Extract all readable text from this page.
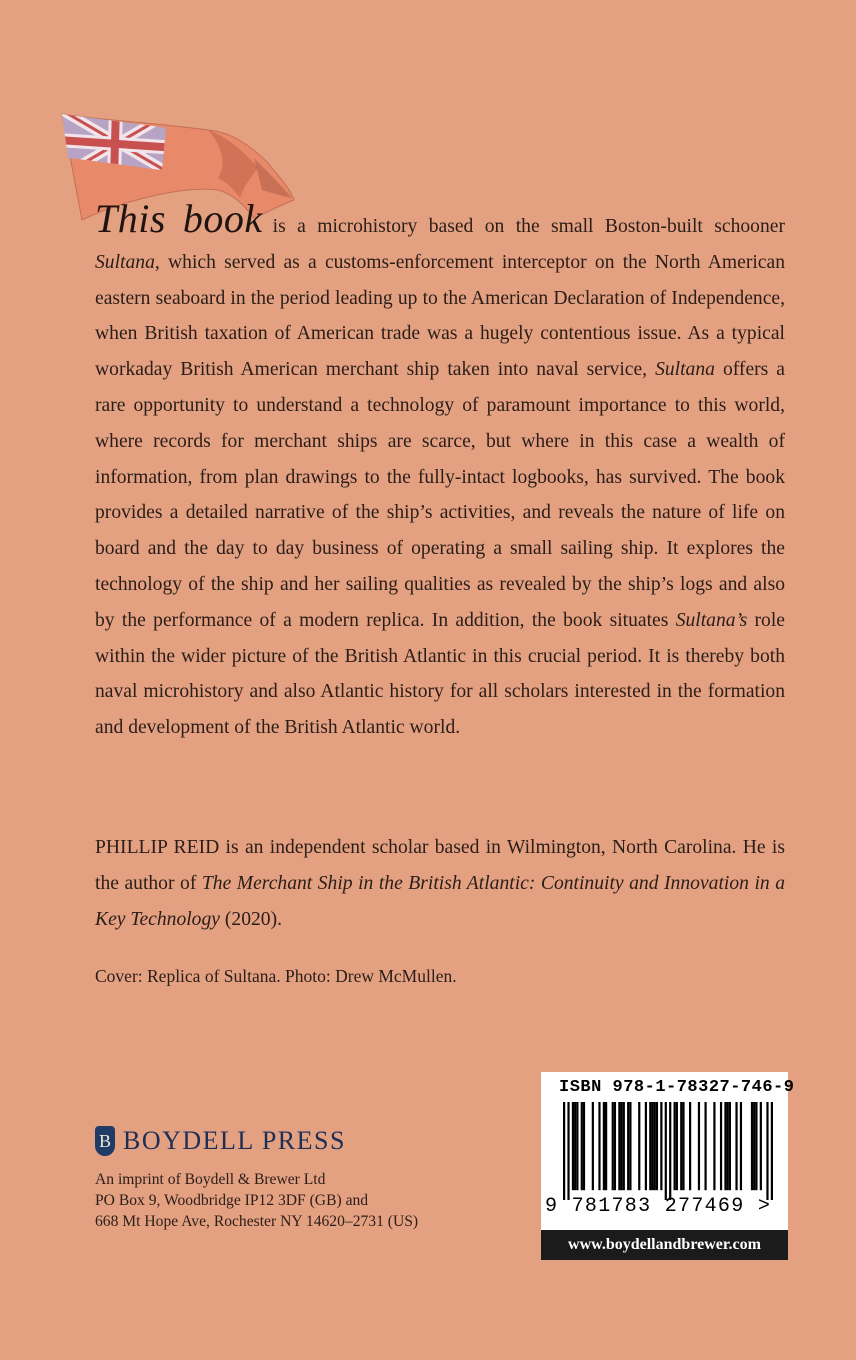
This book is a microhistory based on the small Boston-built schooner Sultana, which served as a customs-enforcement interceptor on the North American eastern seaboard in the period leading up to the American Declaration of Independence, when British taxation of American trade was a hugely contentious issue. As a typical workaday British American merchant ship taken into naval service, Sultana offers a rare opportunity to understand a technology of paramount importance to this world, where records for merchant ships are scarce, but where in this case a wealth of information, from plan drawings to the fully-intact logbooks, has survived. The book provides a detailed narrative of the ship’s activities, and reveals the nature of life on board and the day to day business of operating a small sailing ship. It explores the technology of the ship and her sailing qualities as revealed by the ship’s logs and also by the performance of a modern replica. In addition, the book situates Sultana’s role within the wider picture of the British Atlantic in this crucial period. It is thereby both naval microhistory and also Atlantic history for all scholars interested in the formation and development of the British Atlantic world.

PHILLIP REID is an independent scholar based in Wilmington, North Carolina. He is the author of The Merchant Ship in the British Atlantic: Continuity and Innovation in a Key Technology (2020).

Cover: Replica of Sultana. Photo: Drew McMullen.

B BOYDELL PRESS
An imprint of Boydell & Brewer Ltd
PO Box 9, Woodbridge IP12 3DF (GB) and
668 Mt Hope Ave, Rochester NY 14620–2731 (US)
ISBN 978-1-78327-746-9
9 781783 277469 >
www.boydellandbrewer.com
